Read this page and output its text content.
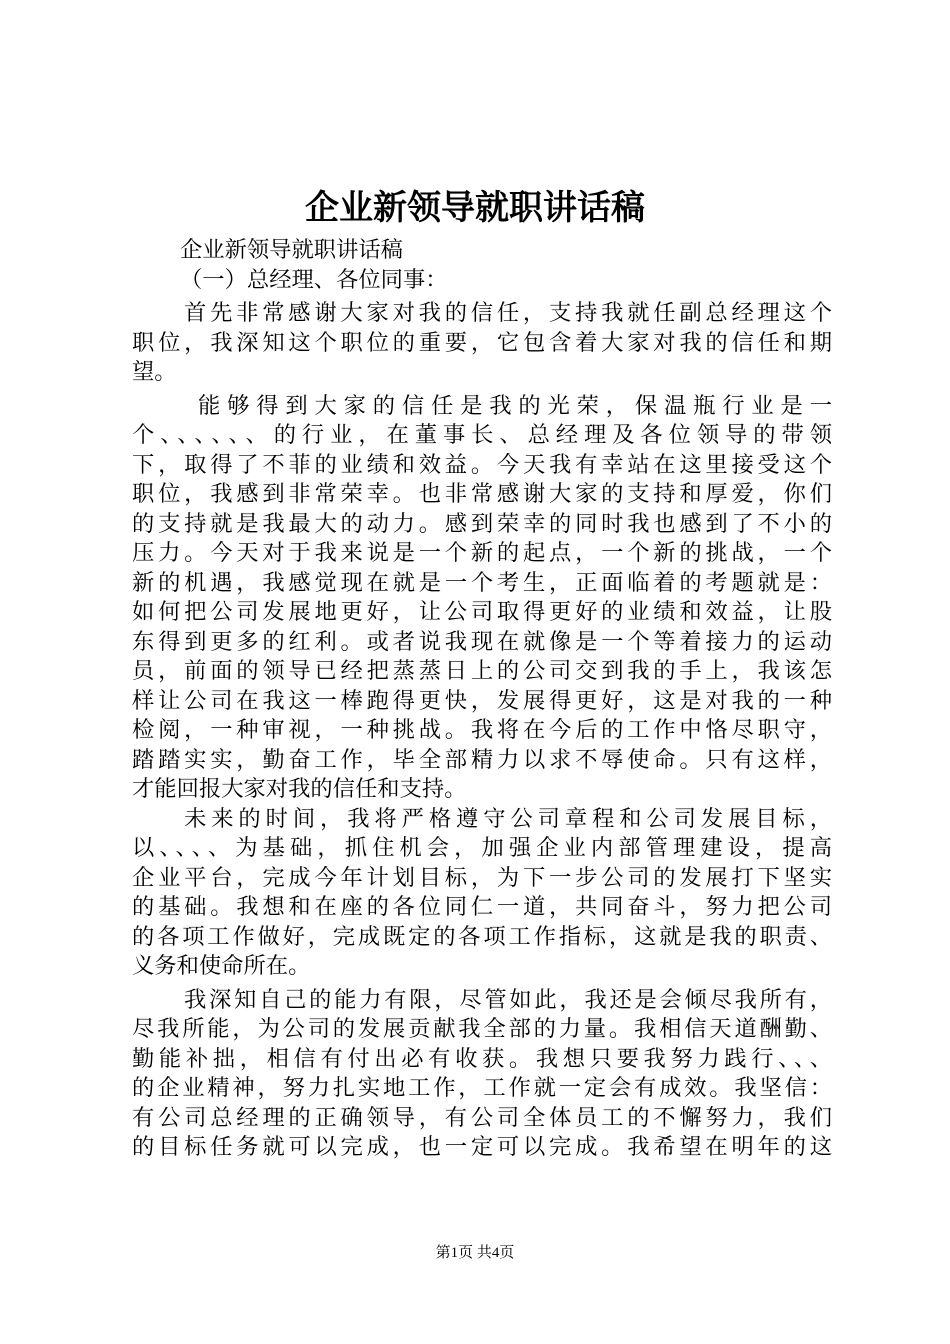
企业新领导就职讲话稿
企业新领导就职讲话稿
（一）总经理、各位同事：
首先非常感谢大家对我的信任，支持我就任副总经理这个
职位，我深知这个职位的重要，它包含着大家对我的信任和期
望。
能够得到大家的信任是我的光荣，保温瓶行业是一
个、、、、、、的行业，在董事长、总经理及各位领导的带领
下，取得了不菲的业绩和效益。今天我有幸站在这里接受这个
职位，我感到非常荣幸。也非常感谢大家的支持和厚爱，你们
的支持就是我最大的动力。感到荣幸的同时我也感到了不小的
压力。今天对于我来说是一个新的起点，一个新的挑战，一个
新的机遇，我感觉现在就是一个考生，正面临着的考题就是：
如何把公司发展地更好，让公司取得更好的业绩和效益，让股
东得到更多的红利。或者说我现在就像是一个等着接力的运动
员，前面的领导已经把蒸蒸日上的公司交到我的手上，我该怎
样让公司在我这一棒跑得更快，发展得更好，这是对我的一种
检阅，一种审视，一种挑战。我将在今后的工作中恪尽职守，
踏踏实实，勤奋工作，毕全部精力以求不辱使命。只有这样，
才能回报大家对我的信任和支持。
未来的时间，我将严格遵守公司章程和公司发展目标，
以、、、、为基础，抓住机会，加强企业内部管理建设，提高
企业平台，完成今年计划目标，为下一步公司的发展打下坚实
的基础。我想和在座的各位同仁一道，共同奋斗，努力把公司
的各项工作做好，完成既定的各项工作指标，这就是我的职责、
义务和使命所在。
我深知自己的能力有限，尽管如此，我还是会倾尽我所有，
尽我所能，为公司的发展贡献我全部的力量。我相信天道酬勤、
勤能补拙，相信有付出必有收获。我想只要我努力践行、、、
的企业精神，努力扎实地工作，工作就一定会有成效。我坚信：
有公司总经理的正确领导，有公司全体员工的不懈努力，我们
的目标任务就可以完成，也一定可以完成。我希望在明年的这
第1页 共4页
